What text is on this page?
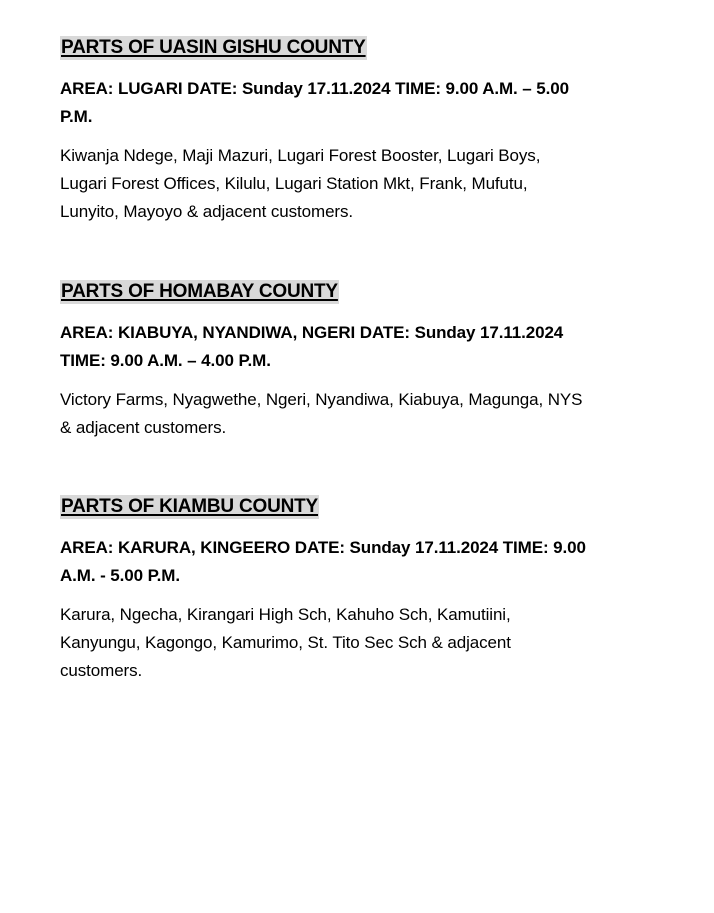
PARTS OF UASIN GISHU COUNTY
AREA: LUGARI DATE: Sunday 17.11.2024 TIME: 9.00 A.M. – 5.00
P.M.
Kiwanja Ndege, Maji Mazuri, Lugari Forest Booster, Lugari Boys,
Lugari Forest Offices, Kilulu, Lugari Station Mkt, Frank, Mufutu,
Lunyito, Mayoyo & adjacent customers.
PARTS OF HOMABAY COUNTY
AREA: KIABUYA, NYANDIWA, NGERI DATE: Sunday 17.11.2024
TIME: 9.00 A.M. – 4.00 P.M.
Victory Farms, Nyagwethe, Ngeri, Nyandiwa, Kiabuya, Magunga, NYS
& adjacent customers.
PARTS OF KIAMBU COUNTY
AREA: KARURA, KINGEERO DATE: Sunday 17.11.2024 TIME: 9.00
A.M. - 5.00 P.M.
Karura, Ngecha, Kirangari High Sch, Kahuho Sch, Kamutiini,
Kanyungu, Kagongo, Kamurimo, St. Tito Sec Sch & adjacent
customers.
